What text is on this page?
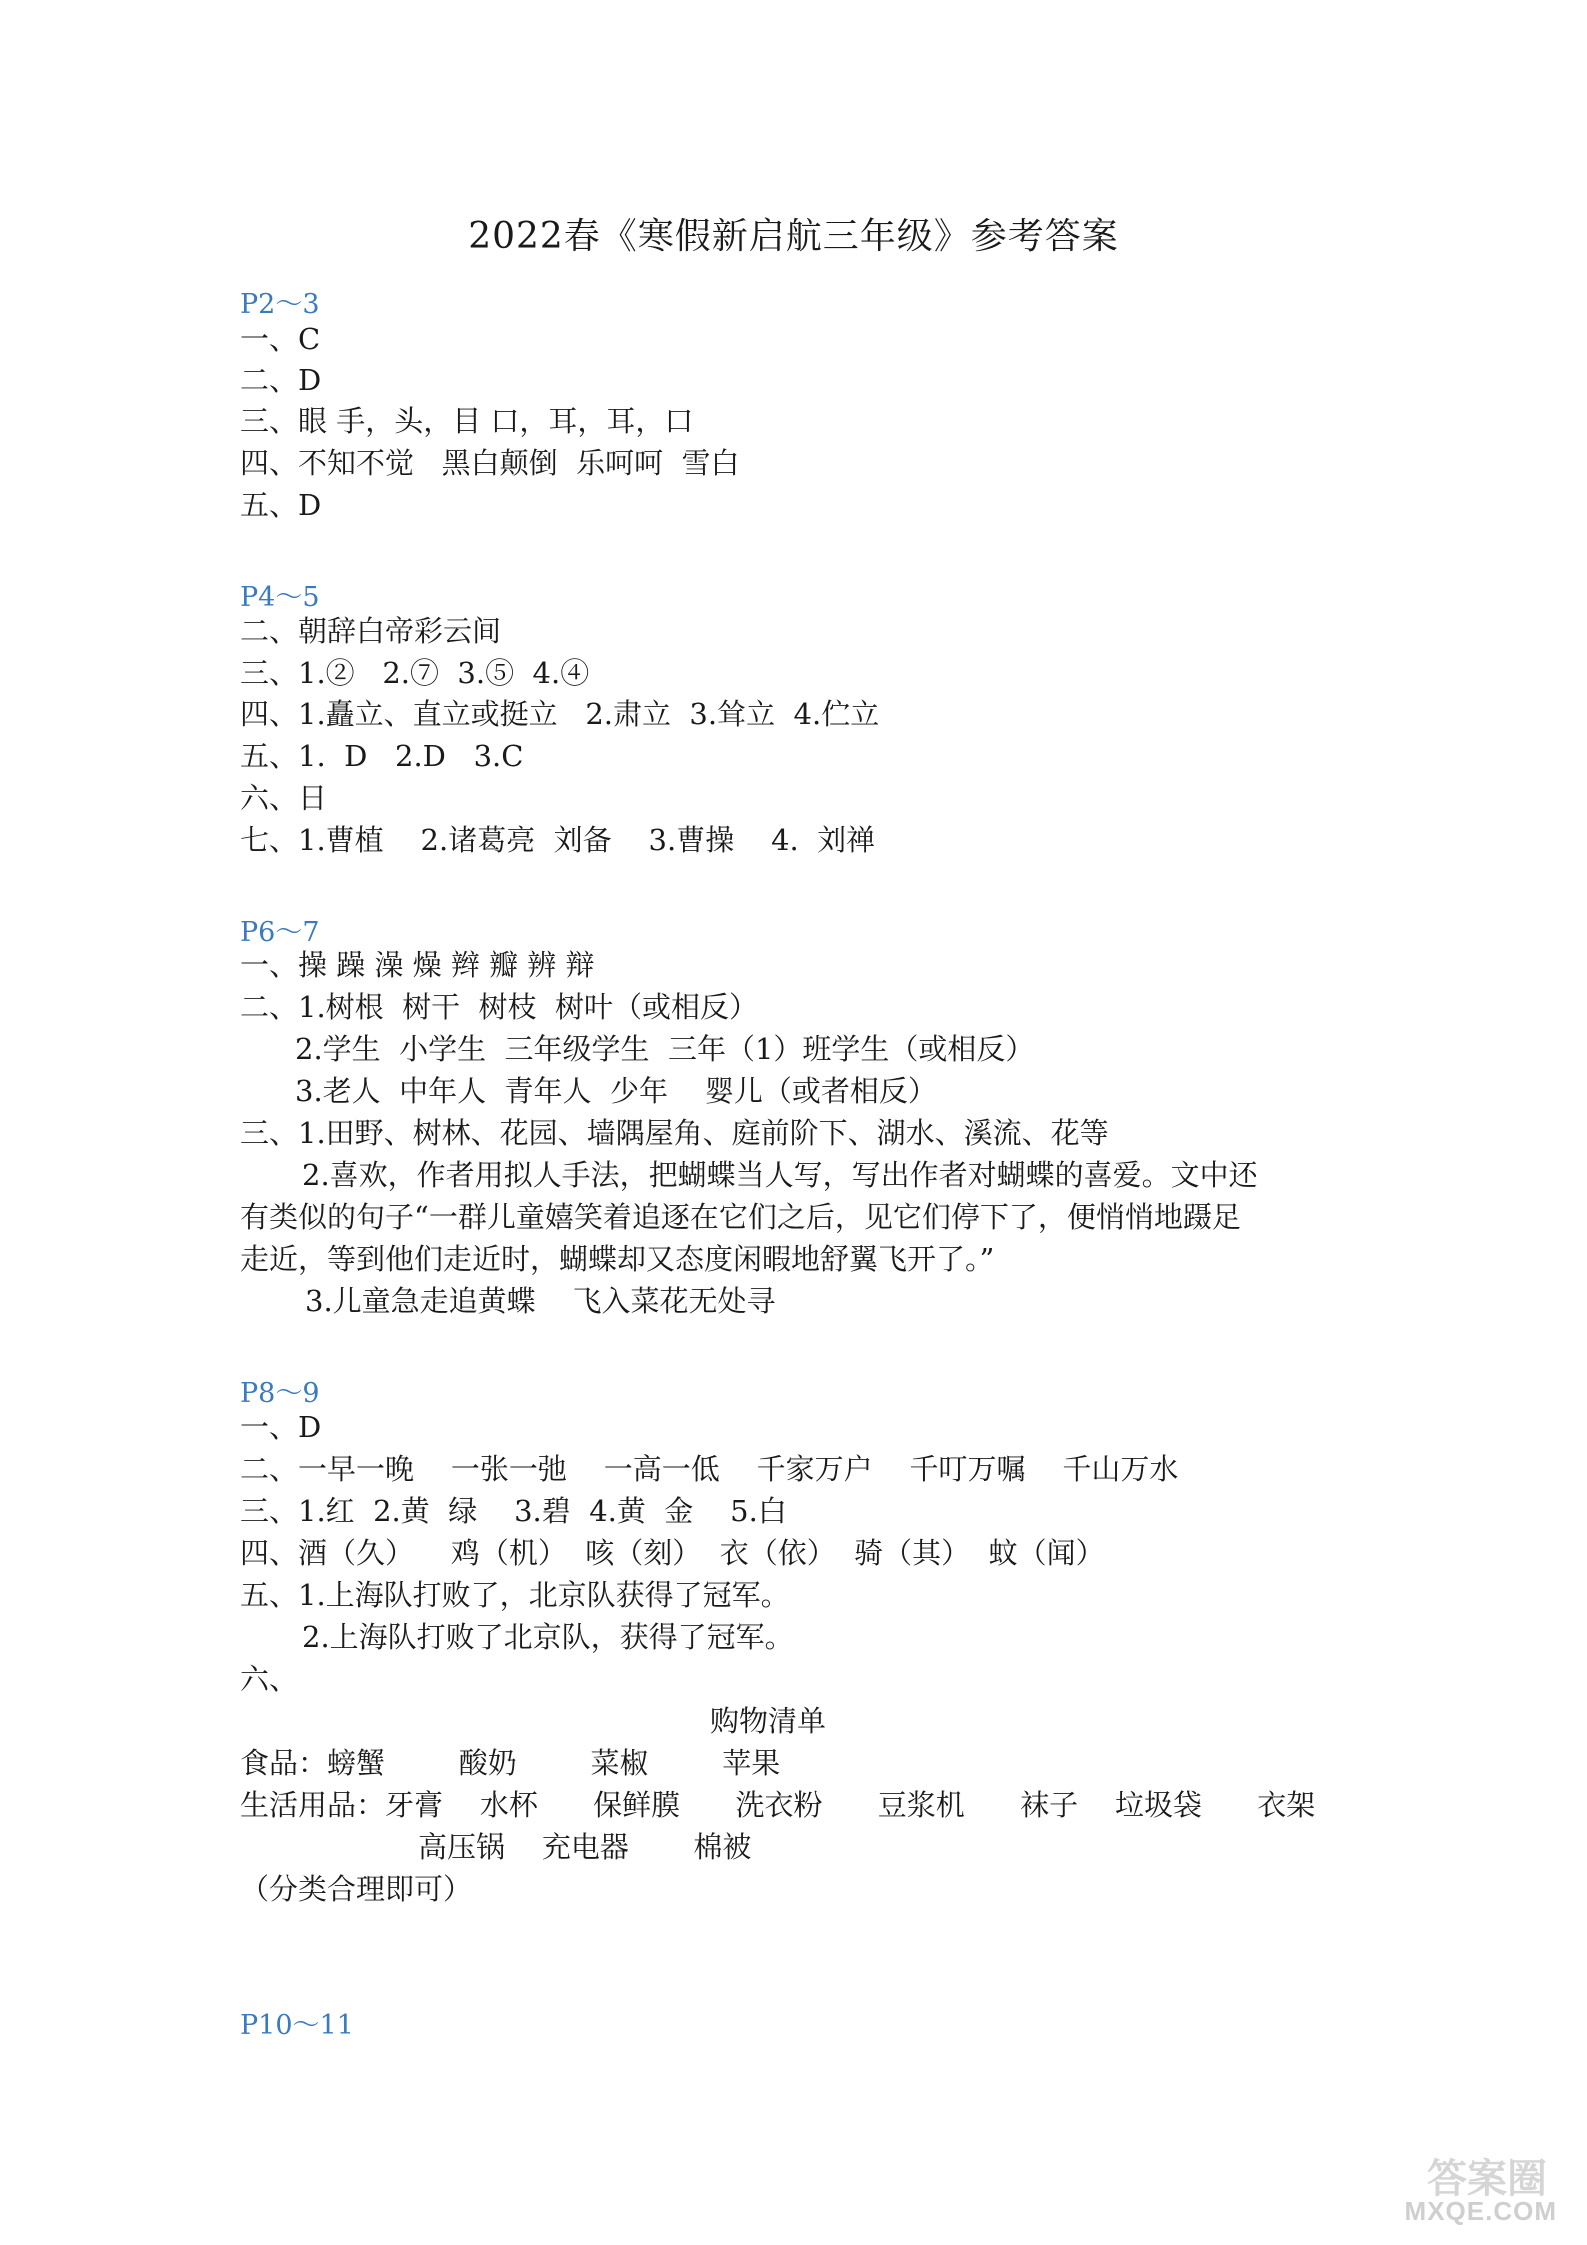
2022春《寒假新启航三年级》参考答案
P2～3
一、C
二、D
三、眼 手，头，目 口，耳，耳，口
四、不知不觉   黑白颠倒  乐呵呵  雪白
五、D
P4～5
二、朝辞白帝彩云间
三、1.②   2.⑦  3.⑤  4.④
四、1.矗立、直立或挺立   2.肃立  3.耸立  4.伫立
五、1.  D   2.D   3.C
六、日
七、1.曹植    2.诸葛亮  刘备    3.曹操    4.  刘禅
P6～7
一、操 躁 澡 燥 辫 瓣 辨 辩
二、1.树根  树干  树枝  树叶（或相反）
2.学生  小学生  三年级学生  三年（1）班学生（或相反）
3.老人  中年人  青年人  少年    婴儿（或者相反）
三、1.田野、树林、花园、墙隅屋角、庭前阶下、湖水、溪流、花等
2.喜欢，作者用拟人手法，把蝴蝶当人写，写出作者对蝴蝶的喜爱。文中还
有类似的句子“一群儿童嬉笑着追逐在它们之后，见它们停下了，便悄悄地蹑足
走近，等到他们走近时，蝴蝶却又态度闲暇地舒翼飞开了。”
3.儿童急走追黄蝶    飞入菜花无处寻
P8～9
一、D
二、一早一晚    一张一弛    一高一低    千家万户    千叮万嘱    千山万水
三、1.红  2.黄  绿    3.碧  4.黄  金    5.白
四、酒（久）    鸡（机）  咳（刻）  衣（依）  骑（其）  蚊（闻）
五、1.上海队打败了，北京队获得了冠军。
2.上海队打败了北京队，获得了冠军。
六、
购物清单
食品：螃蟹        酸奶        菜椒        苹果
生活用品：牙膏    水杯      保鲜膜      洗衣粉      豆浆机      袜子    垃圾袋      衣架
高压锅    充电器       棉被
（分类合理即可）
P10～11
答案圈
MXQE.COM
